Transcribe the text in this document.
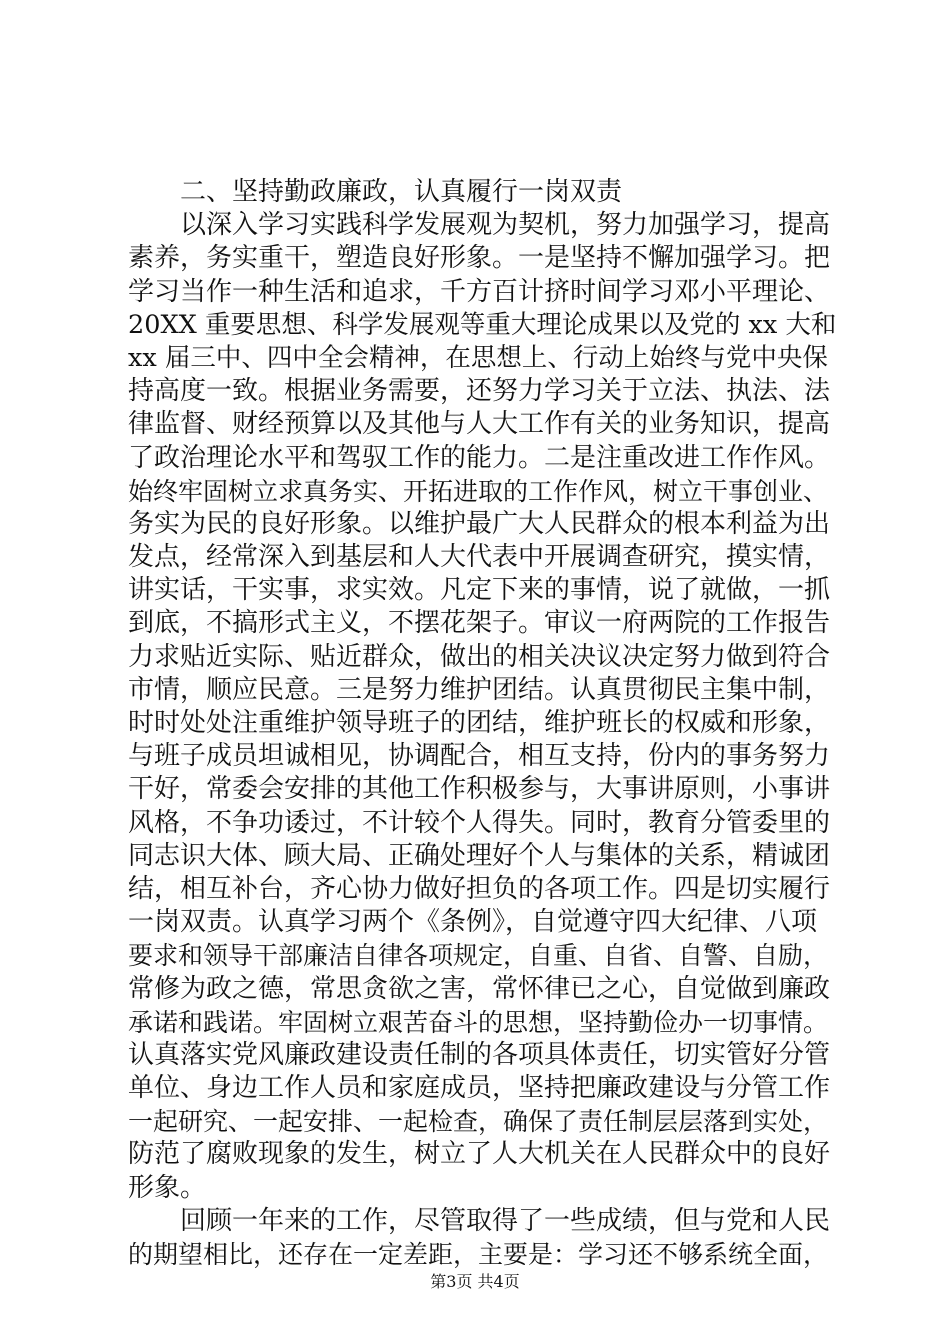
二、坚持勤政廉政，认真履行一岗双责
以深入学习实践科学发展观为契机，努力加强学习，提高
素养，务实重干，塑造良好形象。一是坚持不懈加强学习。把
学习当作一种生活和追求，千方百计挤时间学习邓小平理论、
20XX 重要思想、科学发展观等重大理论成果以及党的 xx 大和
xx 届三中、四中全会精神，在思想上、行动上始终与党中央保
持高度一致。根据业务需要，还努力学习关于立法、执法、法
律监督、财经预算以及其他与人大工作有关的业务知识，提高
了政治理论水平和驾驭工作的能力。二是注重改进工作作风。
始终牢固树立求真务实、开拓进取的工作作风，树立干事创业、
务实为民的良好形象。以维护最广大人民群众的根本利益为出
发点，经常深入到基层和人大代表中开展调查研究，摸实情，
讲实话，干实事，求实效。凡定下来的事情，说了就做，一抓
到底，不搞形式主义，不摆花架子。审议一府两院的工作报告
力求贴近实际、贴近群众，做出的相关决议决定努力做到符合
市情，顺应民意。三是努力维护团结。认真贯彻民主集中制，
时时处处注重维护领导班子的团结，维护班长的权威和形象，
与班子成员坦诚相见，协调配合，相互支持，份内的事务努力
干好，常委会安排的其他工作积极参与，大事讲原则，小事讲
风格，不争功诿过，不计较个人得失。同时，教育分管委里的
同志识大体、顾大局、正确处理好个人与集体的关系，精诚团
结，相互补台，齐心协力做好担负的各项工作。四是切实履行
一岗双责。认真学习两个《条例》，自觉遵守四大纪律、八项
要求和领导干部廉洁自律各项规定，自重、自省、自警、自励，
常修为政之德，常思贪欲之害，常怀律已之心，自觉做到廉政
承诺和践诺。牢固树立艰苦奋斗的思想，坚持勤俭办一切事情。
认真落实党风廉政建设责任制的各项具体责任，切实管好分管
单位、身边工作人员和家庭成员，坚持把廉政建设与分管工作
一起研究、一起安排、一起检查，确保了责任制层层落到实处，
防范了腐败现象的发生，树立了人大机关在人民群众中的良好
形象。
回顾一年来的工作，尽管取得了一些成绩，但与党和人民
的期望相比，还存在一定差距，主要是：学习还不够系统全面，
第3页 共4页
